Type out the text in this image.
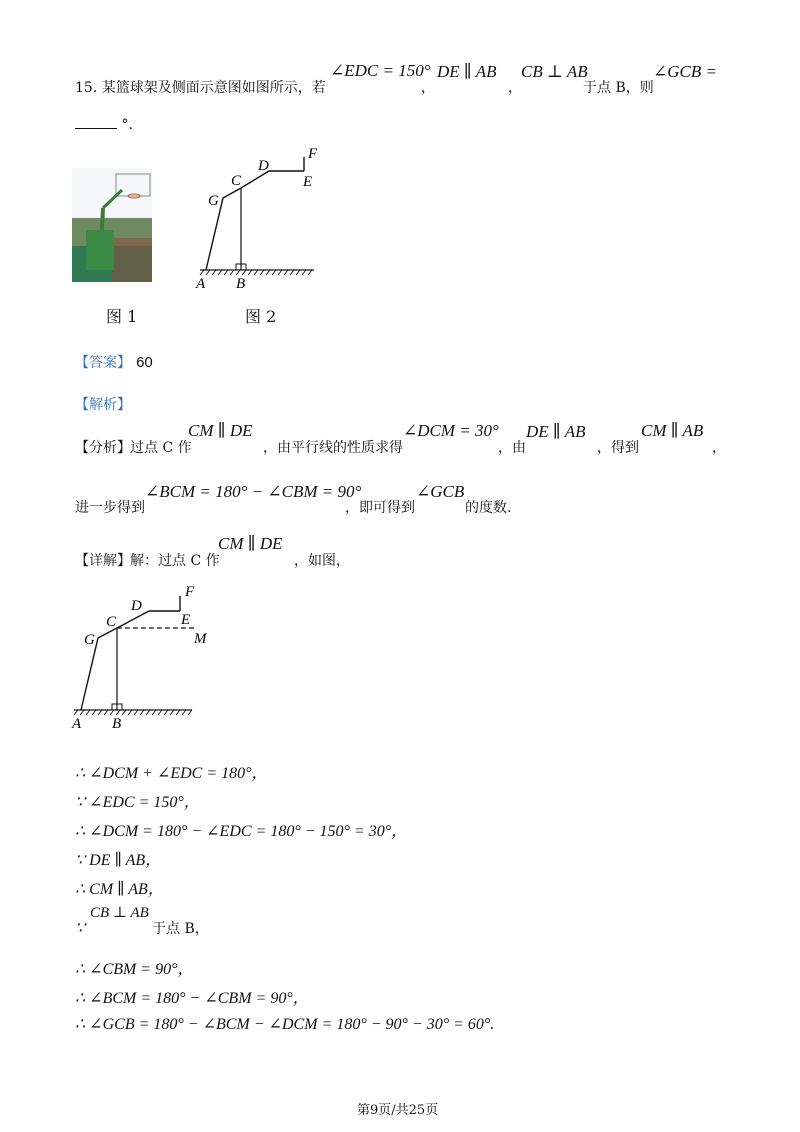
15. 某篮球架及侧面示意图如图所示，若
∠EDC = 150°
，
DE ∥ AB
，
CB ⊥ AB
于点 B，则
∠GCB =
°.
图 1
F
D
E
C
G
A B
图 2
【答案】 60
【解析】
【分析】 过点 C 作
CM ∥ DE
，由平行线的性质求得
∠DCM = 30°
，由
DE ∥ AB
，得到
CM ∥ AB
，
进一步得到
∠BCM = 180° − ∠CBM = 90°
，即可得到
∠GCB
的度数.
【详解】 解：过点 C 作
CM ∥ DE
，如图，
F
D
E
C
G	M
A B
∴ ∠DCM + ∠EDC = 180°，
∵ ∠EDC = 150°，
∴ ∠DCM = 180° − ∠EDC = 180° − 150° = 30°，
∵ DE ∥ AB，
∴ CM ∥ AB，
∵
CB ⊥ AB
于点 B，
∴ ∠CBM = 90°，
∴ ∠BCM = 180° − ∠CBM = 90°，
∴ ∠GCB = 180° − ∠BCM − ∠DCM = 180° − 90° − 30° = 60°.
第9页/共25页
